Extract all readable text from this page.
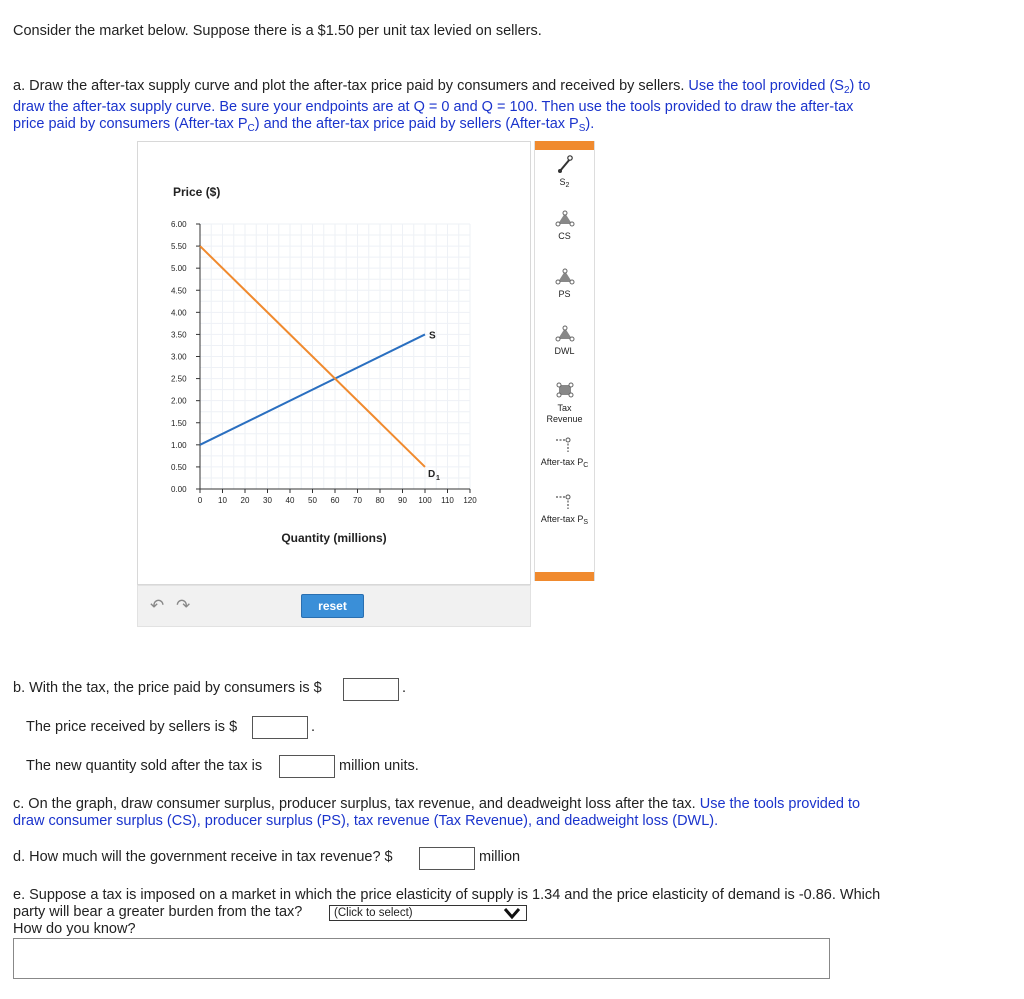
Consider the market below. Suppose there is a $1.50 per unit tax levied on sellers.
a. Draw the after-tax supply curve and plot the after-tax price paid by consumers and received by sellers. Use the tool provided $(S_2)$ to
draw the after-tax supply curve. Be sure your endpoints are at Q = 0 and Q = 100. Then use the tools provided to draw the after-tax
price paid by consumers (After-tax $P_C$) and the after-tax price paid by sellers (After-tax $P_S$).
6.00
5.50
5.00
4.50
4.00
3.50
3.00
2.50
2.00
1.50
1.00
0.50
0.00
0 10 20 30 40 50 60 70 80 90 100 110 120
Price ($)
Quantity (millions)
S
D 1
↶ ↷	reset
$S_2$
CS
PS
DWL
Tax
Revenue
After-tax $P_C$
After-tax $P_S$
b. With the tax, the price paid by consumers is $	.
The price received by sellers is $	.
The new quantity sold after the tax is	million units.
c. On the graph, draw consumer surplus, producer surplus, tax revenue, and deadweight loss after the tax. Use the tools provided to
draw consumer surplus (CS), producer surplus (PS), tax revenue (Tax Revenue), and deadweight loss (DWL).
d. How much will the government receive in tax revenue? $	million
e. Suppose a tax is imposed on a market in which the price elasticity of supply is 1.34 and the price elasticity of demand is -0.86. Which
party will bear a greater burden from the tax?	(Click to select)
How do you know?
